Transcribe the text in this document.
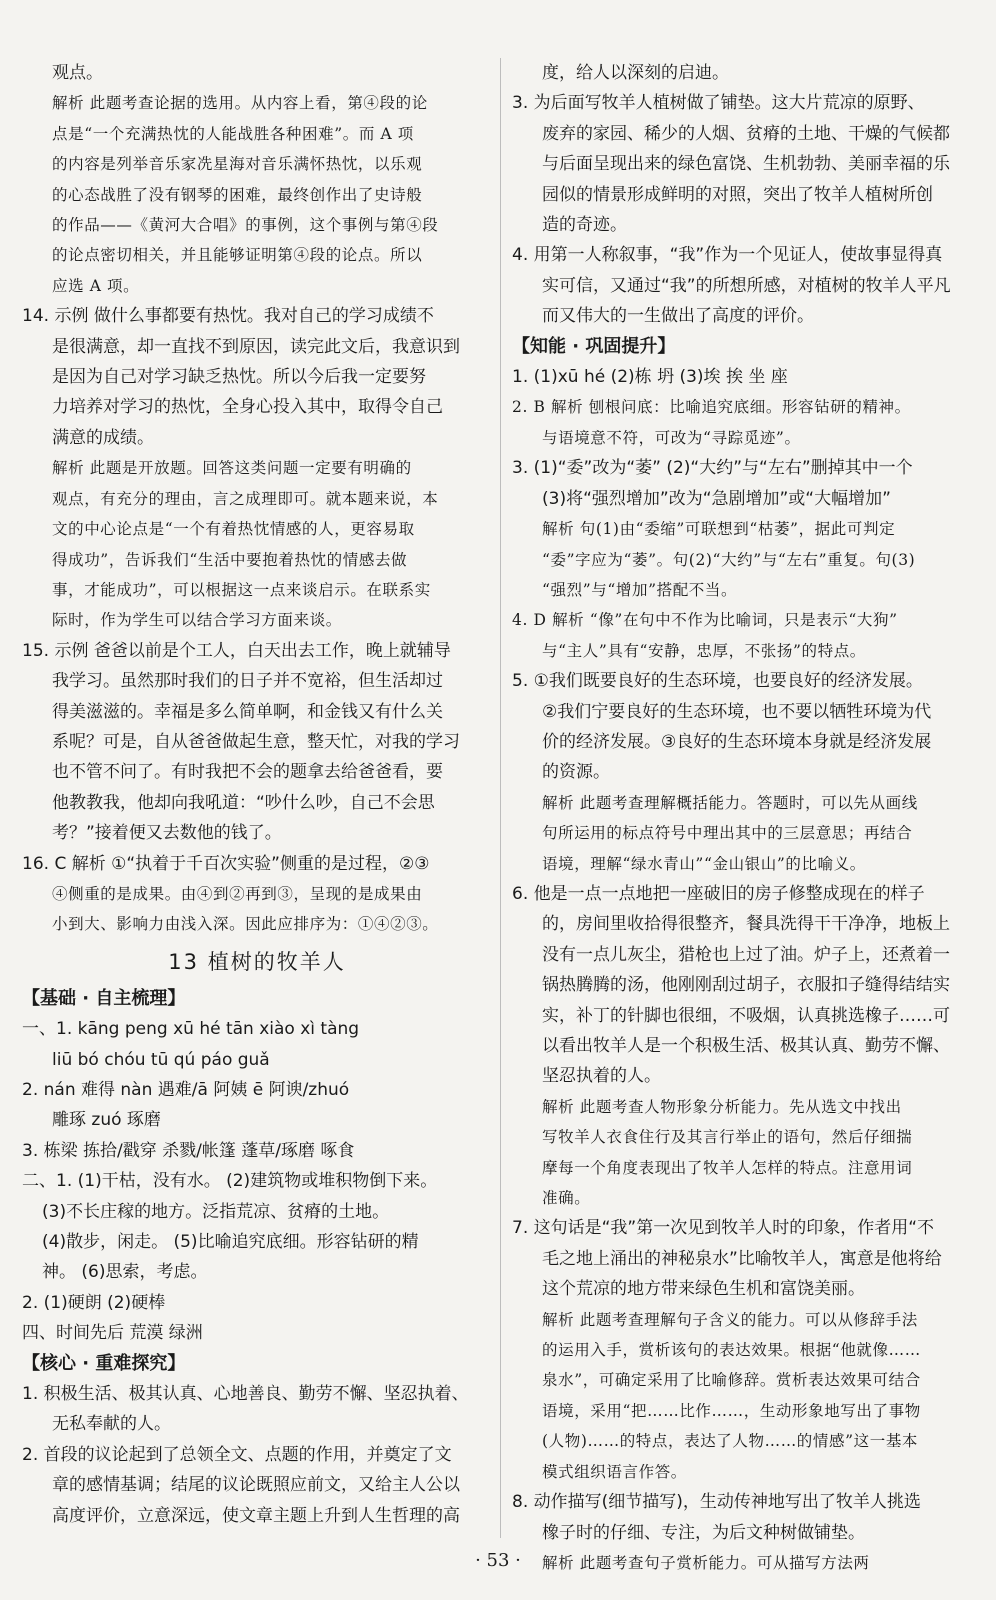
观点。
解析 此题考查论据的选用。从内容上看，第④段的论
点是“一个充满热忱的人能战胜各种困难”。而 A 项
的内容是列举音乐家冼星海对音乐满怀热忱，以乐观
的心态战胜了没有钢琴的困难，最终创作出了史诗般
的作品——《黄河大合唱》的事例，这个事例与第④段
的论点密切相关，并且能够证明第④段的论点。所以
应选 A 项。
14. 示例 做什么事都要有热忱。我对自己的学习成绩不
是很满意，却一直找不到原因，读完此文后，我意识到
是因为自己对学习缺乏热忱。所以今后我一定要努
力培养对学习的热忱，全身心投入其中，取得令自己
满意的成绩。
解析 此题是开放题。回答这类问题一定要有明确的
观点，有充分的理由，言之成理即可。就本题来说，本
文的中心论点是“一个有着热忱情感的人，更容易取
得成功”，告诉我们“生活中要抱着热忱的情感去做
事，才能成功”，可以根据这一点来谈启示。在联系实
际时，作为学生可以结合学习方面来谈。
15. 示例 爸爸以前是个工人，白天出去工作，晚上就辅导
我学习。虽然那时我们的日子并不宽裕，但生活却过
得美滋滋的。幸福是多么简单啊，和金钱又有什么关
系呢？可是，自从爸爸做起生意，整天忙，对我的学习
也不管不问了。有时我把不会的题拿去给爸爸看，要
他教教我，他却向我吼道：“吵什么吵，自己不会思
考？”接着便又去数他的钱了。
16. C 解析 ①“执着于千百次实验”侧重的是过程，②③
④侧重的是成果。由④到②再到③，呈现的是成果由
小到大、影响力由浅入深。因此应排序为：①④②③。
13 植树的牧羊人
【基础 · 自主梳理】
一、1. kāng peng xū hé tān xiào xì tàng
liū bó chóu tū qú páo guǎ
2. nán 难得 nàn 遇难/ā 阿姨 ē 阿谀/zhuó
雕琢 zuó 琢磨
3. 栋梁 拣拾/戳穿 杀戮/帐篷 蓬草/琢磨 啄食
二、1. (1)干枯，没有水。 (2)建筑物或堆积物倒下来。
(3)不长庄稼的地方。泛指荒凉、贫瘠的土地。
(4)散步，闲走。 (5)比喻追究底细。形容钻研的精
神。 (6)思索，考虑。
2. (1)硬朗 (2)硬棒
四、时间先后 荒漠 绿洲
【核心 · 重难探究】
1. 积极生活、极其认真、心地善良、勤劳不懈、坚忍执着、
无私奉献的人。
2. 首段的议论起到了总领全文、点题的作用，并奠定了文
章的感情基调；结尾的议论既照应前文，又给主人公以
高度评价，立意深远，使文章主题上升到人生哲理的高
度，给人以深刻的启迪。
3. 为后面写牧羊人植树做了铺垫。这大片荒凉的原野、
废弃的家园、稀少的人烟、贫瘠的土地、干燥的气候都
与后面呈现出来的绿色富饶、生机勃勃、美丽幸福的乐
园似的情景形成鲜明的对照，突出了牧羊人植树所创
造的奇迹。
4. 用第一人称叙事，“我”作为一个见证人，使故事显得真
实可信，又通过“我”的所想所感，对植树的牧羊人平凡
而又伟大的一生做出了高度的评价。
【知能 · 巩固提升】
1. (1)xū hé (2)栋 坍 (3)埃 挨 坐 座
2. B 解析 刨根问底：比喻追究底细。形容钻研的精神。
与语境意不符，可改为“寻踪觅迹”。
3. (1)“委”改为“萎” (2)“大约”与“左右”删掉其中一个
(3)将“强烈增加”改为“急剧增加”或“大幅增加”
解析 句(1)由“委缩”可联想到“枯萎”，据此可判定
“委”字应为“萎”。句(2)“大约”与“左右”重复。句(3)
“强烈”与“增加”搭配不当。
4. D 解析 “像”在句中不作为比喻词，只是表示“大狗”
与“主人”具有“安静，忠厚，不张扬”的特点。
5. ①我们既要良好的生态环境，也要良好的经济发展。
②我们宁要良好的生态环境，也不要以牺牲环境为代
价的经济发展。③良好的生态环境本身就是经济发展
的资源。
解析 此题考查理解概括能力。答题时，可以先从画线
句所运用的标点符号中理出其中的三层意思；再结合
语境，理解“绿水青山”“金山银山”的比喻义。
6. 他是一点一点地把一座破旧的房子修整成现在的样子
的，房间里收拾得很整齐，餐具洗得干干净净，地板上
没有一点儿灰尘，猎枪也上过了油。炉子上，还煮着一
锅热腾腾的汤，他刚刚刮过胡子，衣服扣子缝得结结实
实，补丁的针脚也很细，不吸烟，认真挑选橡子……可
以看出牧羊人是一个积极生活、极其认真、勤劳不懈、
坚忍执着的人。
解析 此题考查人物形象分析能力。先从选文中找出
写牧羊人衣食住行及其言行举止的语句，然后仔细揣
摩每一个角度表现出了牧羊人怎样的特点。注意用词
准确。
7. 这句话是“我”第一次见到牧羊人时的印象，作者用“不
毛之地上涌出的神秘泉水”比喻牧羊人，寓意是他将给
这个荒凉的地方带来绿色生机和富饶美丽。
解析 此题考查理解句子含义的能力。可以从修辞手法
的运用入手，赏析该句的表达效果。根据“他就像……
泉水”，可确定采用了比喻修辞。赏析表达效果可结合
语境，采用“把……比作……，生动形象地写出了事物
(人物)……的特点，表达了人物……的情感”这一基本
模式组织语言作答。
8. 动作描写(细节描写)，生动传神地写出了牧羊人挑选
橡子时的仔细、专注，为后文种树做铺垫。
解析 此题考查句子赏析能力。可从描写方法两
· 53 ·
